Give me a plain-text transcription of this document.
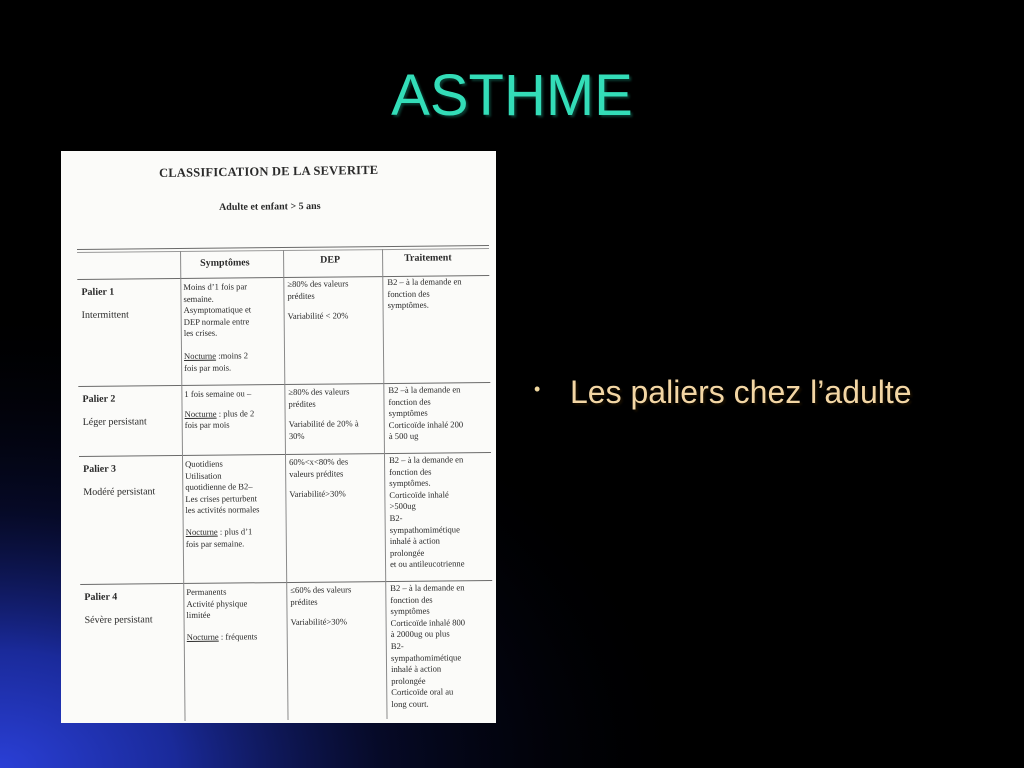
ASTHME
CLASSIFICATION DE LA SEVERITE
Adulte et enfant > 5 ans
Symptômes	DEP	Traitement
Palier 1
Intermittent
Moins d’1 fois par
semaine.
Asymptomatique et
DEP normale entre
les crises.
Nocturne :moins 2
fois par mois.
≥80% des valeurs
prédites
Variabilité < 20%
B2 – à la demande en
fonction des
symptômes.
Palier 2
Léger persistant
1 fois semaine ou –
Nocturne : plus de 2
fois par mois
≥80% des valeurs
prédites
Variabilité de 20% à
30%
B2 –à la demande en
fonction des
symptômes
Corticoïde inhalé 200
à 500 ug
Palier 3
Modéré persistant
Quotidiens
Utilisation
quotidienne de B2–
Les crises perturbent
les activités normales
Nocturne : plus d’1
fois par semaine.
60%<x<80% des
valeurs prédites
Variabilité>30%
B2 – à la demande en
fonction des
symptômes.
Corticoïde inhalé
>500ug
B2-
sympathomimétique
inhalé à action
prolongée
et ou antileucotrienne
Palier 4
Sévère persistant
Permanents
Activité physique
limitée
Nocturne : fréquents
≤60% des valeurs
prédites
Variabilité>30%
B2 – à la demande en
fonction des
symptômes
Corticoïde inhalé 800
à 2000ug ou plus
B2-
sympathomimétique
inhalé à action
prolongée
Corticoïde oral au
long court.
• Les paliers chez l’adulte
